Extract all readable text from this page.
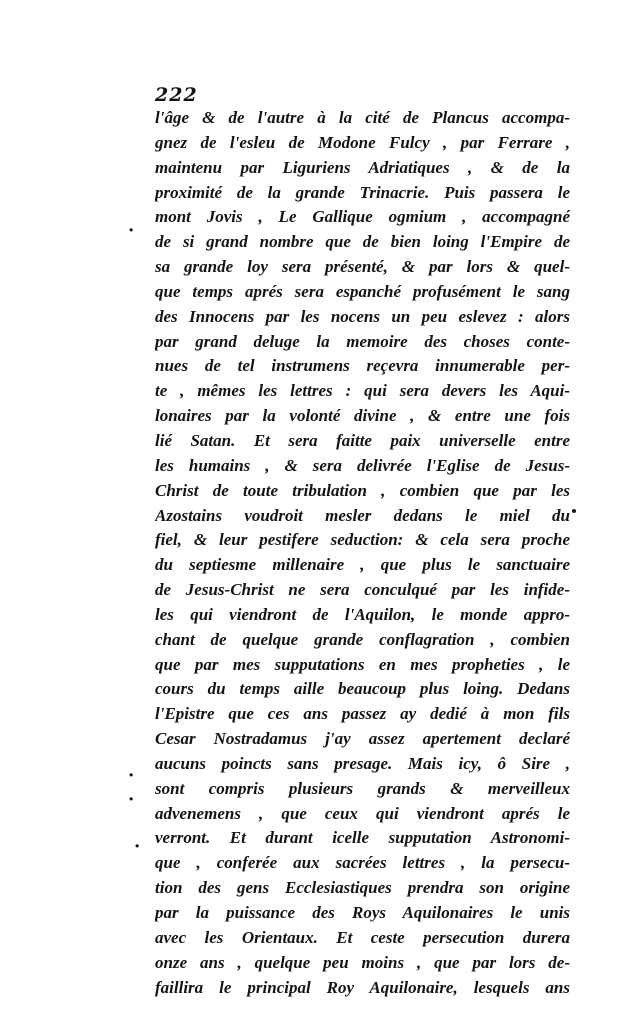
222
l'âge & de l'autre à la cité de Plancus accompa-
gnez de l'esleu de Modone Fulcy , par Ferrare ,
maintenu par Liguriens Adriatiques , & de la
proximité de la grande Trinacrie. Puis passera le
mont Jovis , Le Gallique ogmium , accompagné
de si grand nombre que de bien loing l'Empire de
sa grande loy sera présenté, & par lors & quel-
que temps aprés sera espanché profusément le sang
des Innocens par les nocens un peu eslevez : alors
par grand deluge la memoire des choses conte-
nues de tel instrumens reçevra innumerable per-
te , mêmes les lettres : qui sera devers les Aqui-
lonaires par la volonté divine , & entre une fois
lié Satan. Et sera faitte paix universelle entre
les humains , & sera delivrée l'Eglise de Jesus-
Christ de toute tribulation , combien que par les
Azostains voudroit mesler dedans le miel du
fiel, & leur pestifere seduction: & cela sera proche
du septiesme millenaire , que plus le sanctuaire
de Jesus-Christ ne sera conculqué par les infide-
les qui viendront de l'Aquilon, le monde appro-
chant de quelque grande conflagration , combien
que par mes supputations en mes propheties , le
cours du temps aille beaucoup plus loing. Dedans
l'Epistre que ces ans passez ay dedié à mon fils
Cesar Nostradamus j'ay assez apertement declaré
aucuns poincts sans presage. Mais icy, ô Sire ,
sont compris plusieurs grands & merveilleux
advenemens , que ceux qui viendront aprés le
verront. Et durant icelle supputation Astronomi-
que , conferée aux sacrées lettres , la persecu-
tion des gens Ecclesiastiques prendra son origine
par la puissance des Roys Aquilonaires le unis
avec les Orientaux. Et ceste persecution durera
onze ans , quelque peu moins , que par lors de-
faillira le principal Roy Aquilonaire, lesquels ans
·
·
·
·
